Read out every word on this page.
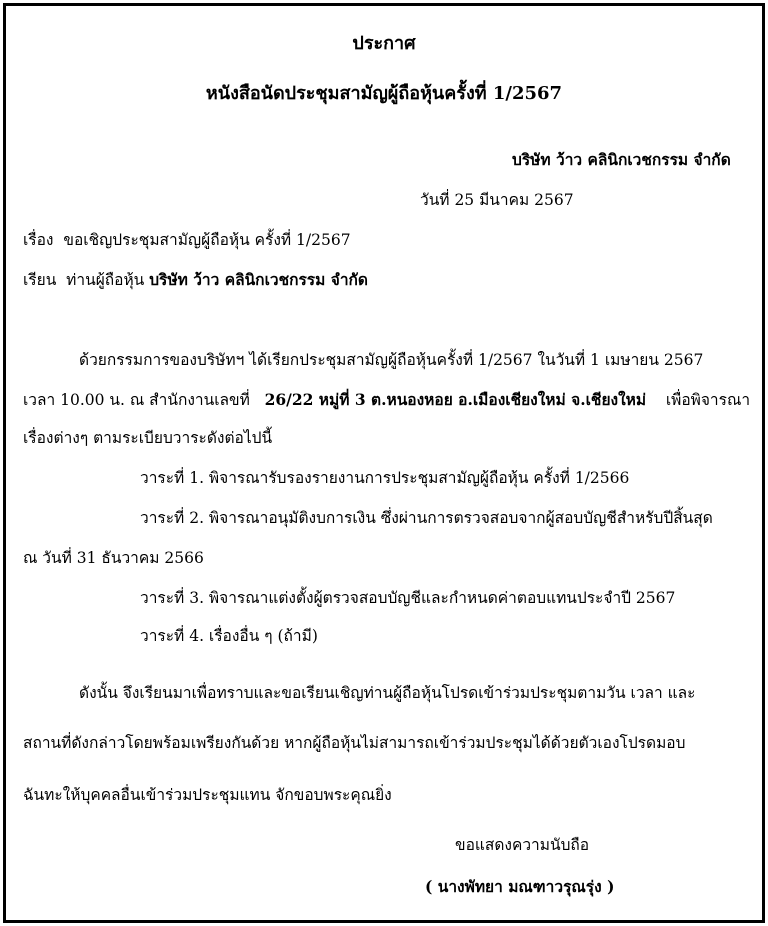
ประกาศ
หนังสือนัดประชุมสามัญผู้ถือหุ้นครั้งที่ 1/2567
บริษัท ว้าว คลินิกเวชกรรม จำกัด
วันที่ 25 มีนาคม 2567
เรื่อง ขอเชิญประชุมสามัญผู้ถือหุ้น ครั้งที่ 1/2567
เรียน ท่านผู้ถือหุ้น บริษัท ว้าว คลินิกเวชกรรม จำกัด
ด้วยกรรมการของบริษัทฯ ได้เรียกประชุมสามัญผู้ถือหุ้นครั้งที่ 1/2567 ในวันที่ 1 เมษายน 2567
เวลา 10.00 น. ณ สำนักงานเลขที่ 26/22 หมู่ที่ 3 ต.หนองหอย อ.เมืองเชียงใหม่ จ.เชียงใหม่ เพื่อพิจารณา
เรื่องต่างๆ ตามระเบียบวาระดังต่อไปนี้
วาระที่ 1. พิจารณารับรองรายงานการประชุมสามัญผู้ถือหุ้น ครั้งที่ 1/2566
วาระที่ 2. พิจารณาอนุมัติงบการเงิน ซึ่งผ่านการตรวจสอบจากผู้สอบบัญชีสำหรับปีสิ้นสุด
ณ วันที่ 31 ธันวาคม 2566
วาระที่ 3. พิจารณาแต่งตั้งผู้ตรวจสอบบัญชีและกำหนดค่าตอบแทนประจำปี 2567
วาระที่ 4. เรื่องอื่น ๆ (ถ้ามี)
ดังนั้น จึงเรียนมาเพื่อทราบและขอเรียนเชิญท่านผู้ถือหุ้นโปรดเข้าร่วมประชุมตามวัน เวลา และ
สถานที่ดังกล่าวโดยพร้อมเพรียงกันด้วย หากผู้ถือหุ้นไม่สามารถเข้าร่วมประชุมได้ด้วยตัวเองโปรดมอบ
ฉันทะให้บุคคลอื่นเข้าร่วมประชุมแทน จักขอบพระคุณยิ่ง
ขอแสดงความนับถือ
( นางพัทยา มณฑาวรุณรุ่ง )
